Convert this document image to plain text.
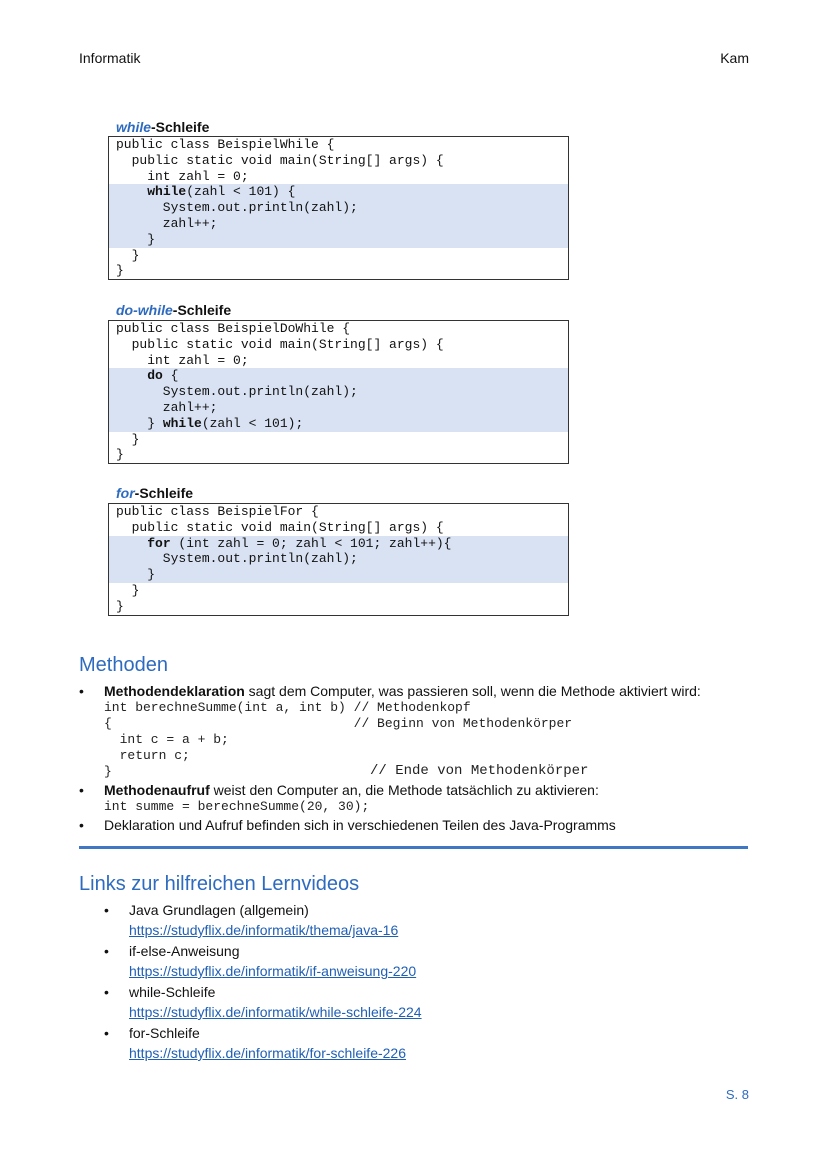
Informatik	Kam
while-Schleife
public class BeispielWhile {
public static void main(String[] args) {
int zahl = 0;
while(zahl < 101) {
System.out.println(zahl);
zahl++;
}
}
}
do-while-Schleife
public class BeispielDoWhile {
public static void main(String[] args) {
int zahl = 0;
do {
System.out.println(zahl);
zahl++;
} while(zahl < 101);
}
}
for-Schleife
public class BeispielFor {
public static void main(String[] args) {
for (int zahl = 0; zahl < 101; zahl++){
System.out.println(zahl);
}
}
}
Methoden
• Methodendeklaration sagt dem Computer, was passieren soll, wenn die Methode aktiviert wird:
int berechneSumme(int a, int b) // Methodenkopf
{                               // Beginn von Methodenkörper
int c = a + b;
return c;
}	// Ende von Methodenkörper
• Methodenaufruf weist den Computer an, die Methode tatsächlich zu aktivieren:
int summe = berechneSumme(20, 30);
• Deklaration und Aufruf befinden sich in verschiedenen Teilen des Java-Programms
Links zur hilfreichen Lernvideos
• Java Grundlagen (allgemein)
https://studyflix.de/informatik/thema/java-16
• if-else-Anweisung
https://studyflix.de/informatik/if-anweisung-220
• while-Schleife
https://studyflix.de/informatik/while-schleife-224
• for-Schleife
https://studyflix.de/informatik/for-schleife-226
S. 8
